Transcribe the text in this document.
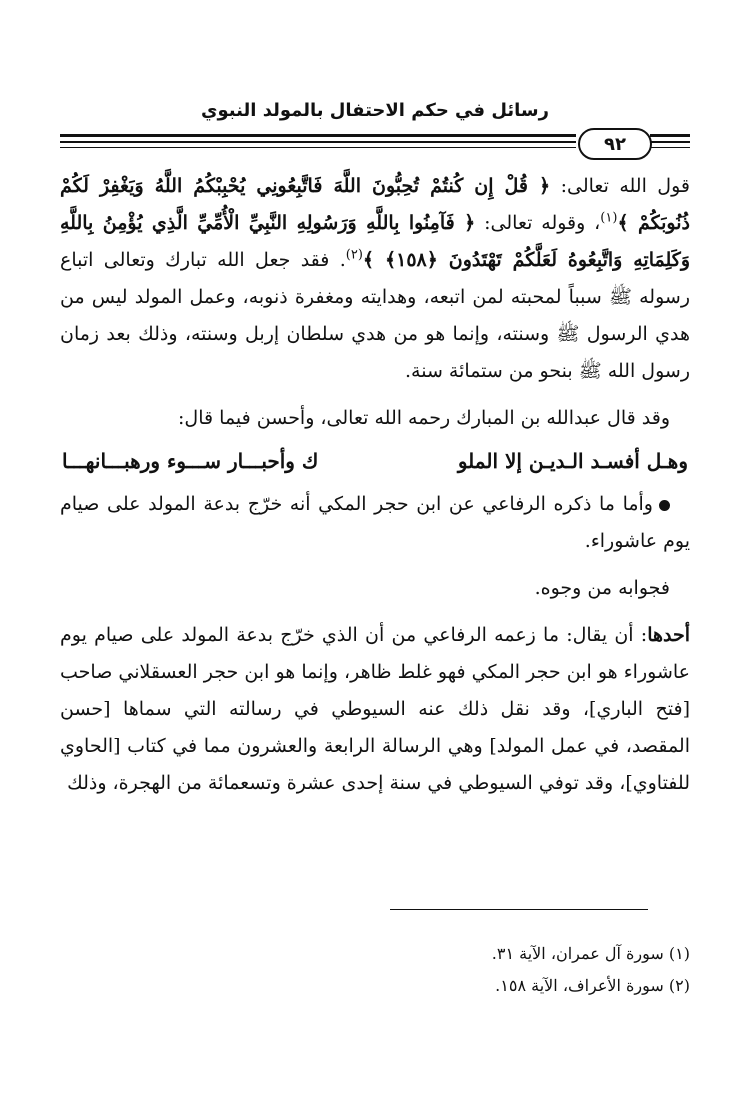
رسائل في حكم الاحتفال بالمولد النبوي
٩٢

قول الله تعالى: ﴿ قُلْ إِن كُنتُمْ تُحِبُّونَ اللَّهَ فَاتَّبِعُونِي يُحْبِبْكُمُ اللَّهُ وَيَغْفِرْ لَكُمْ ذُنُوبَكُمْ ﴾$^{(١)}$، وقوله تعالى: ﴿ فَآمِنُوا بِاللَّهِ وَرَسُولِهِ النَّبِيِّ الْأُمِّيِّ الَّذِي يُؤْمِنُ بِاللَّهِ وَكَلِمَاتِهِ وَاتَّبِعُوهُ لَعَلَّكُمْ تَهْتَدُونَ ﴿١٥٨﴾ ﴾$^{(٢)}$. فقد جعل الله تبارك وتعالى اتباع رسوله ﷺ سبباً لمحبته لمن اتبعه، وهدايته ومغفرة ذنوبه، وعمل المولد ليس من هدي الرسول ﷺ وسنته، وإنما هو من هدي سلطان إربل وسنته، وذلك بعد زمان رسول الله ﷺ بنحو من ستمائة سنة.

وقد قال عبدالله بن المبارك رحمه الله تعالى، وأحسن فيما قال:

وهـل أفسـد الـديـن إلا الملو
ك وأحبـــار ســـوء ورهبـــانهـــا

وأما ما ذكره الرفاعي عن ابن حجر المكي أنه خرّج بدعة المولد على صيام يوم عاشوراء.

فجوابه من وجوه.

أحدها: أن يقال: ما زعمه الرفاعي من أن الذي خرّج بدعة المولد على صيام يوم عاشوراء هو ابن حجر المكي فهو غلط ظاهر، وإنما هو ابن حجر العسقلاني صاحب [فتح الباري]، وقد نقل ذلك عنه السيوطي في رسالته التي سماها [حسن المقصد، في عمل المولد] وهي الرسالة الرابعة والعشرون مما في كتاب [الحاوي للفتاوي]، وقد توفي السيوطي في سنة إحدى عشرة وتسعمائة من الهجرة، وذلك

(١) سورة آل عمران، الآية ٣١.
(٢) سورة الأعراف، الآية ١٥٨.
